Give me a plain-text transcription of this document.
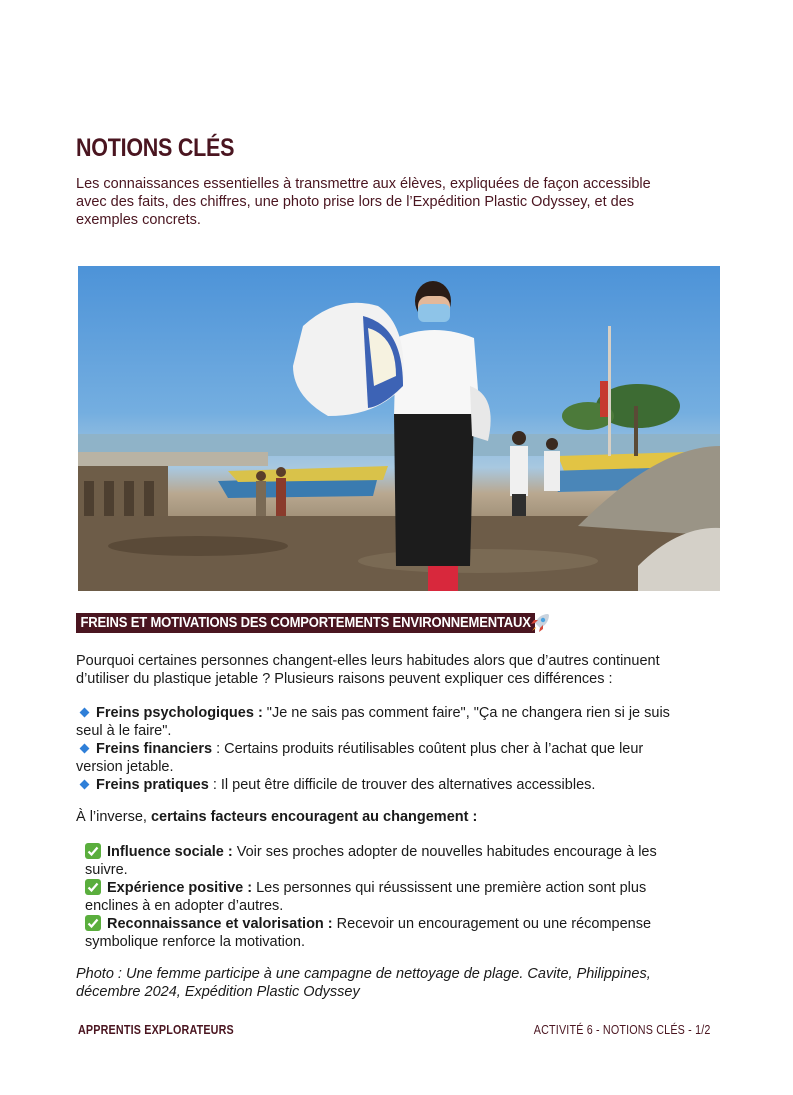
NOTIONS CLÉS
Les connaissances essentielles à transmettre aux élèves, expliquées de façon accessible
avec des faits, des chiffres, une photo prise lors de l’Expédition Plastic Odyssey, et des
exemples concrets.
FREINS ET MOTIVATIONS DES COMPORTEMENTS ENVIRONNEMENTAUX
Pourquoi certaines personnes changent-elles leurs habitudes alors que d’autres continuent
d’utiliser du plastique jetable ? Plusieurs raisons peuvent expliquer ces différences :
Freins psychologiques : "Je ne sais pas comment faire", "Ça ne changera rien si je suis
seul à le faire".
Freins financiers : Certains produits réutilisables coûtent plus cher à l’achat que leur
version jetable.
Freins pratiques : Il peut être difficile de trouver des alternatives accessibles.
À l’inverse, certains facteurs encouragent au changement :
Influence sociale : Voir ses proches adopter de nouvelles habitudes encourage à les
suivre.
Expérience positive : Les personnes qui réussissent une première action sont plus
enclines à en adopter d’autres.
Reconnaissance et valorisation : Recevoir un encouragement ou une récompense
symbolique renforce la motivation.
Photo : Une femme participe à une campagne de nettoyage de plage. Cavite, Philippines,
décembre 2024, Expédition Plastic Odyssey
APPRENTIS EXPLORATEURS	ACTIVITÉ 6 - NOTIONS CLÉS - 1/2
